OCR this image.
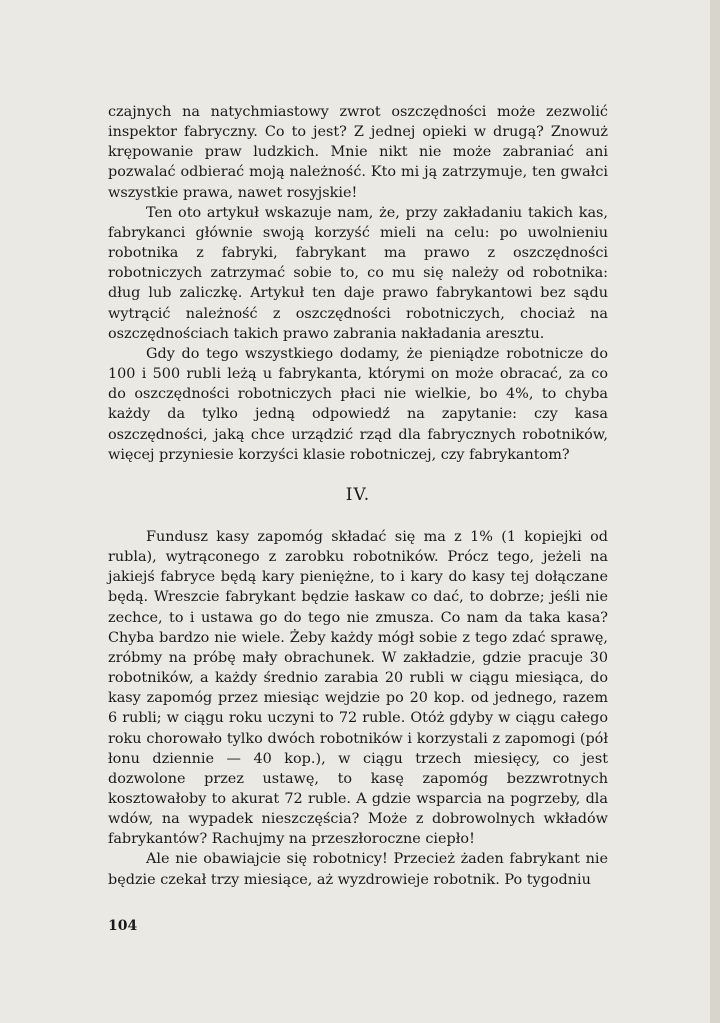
czajnych na natychmiastowy zwrot oszczędności może zezwolić inspektor fabryczny. Co to jest? Z jednej opieki w drugą? Znowuż krępowanie praw ludzkich. Mnie nikt nie może zabraniać ani pozwalać odbierać moją należność. Kto mi ją zatrzymuje, ten gwałci wszystkie prawa, nawet rosyjskie!

Ten oto artykuł wskazuje nam, że, przy zakładaniu takich kas, fabrykanci głównie swoją korzyść mieli na celu: po uwolnieniu robotnika z fabryki, fabrykant ma prawo z oszczędności robotniczych zatrzymać sobie to, co mu się należy od robotnika: dług lub zaliczkę. Artykuł ten daje prawo fabrykantowi bez sądu wytrącić należność z oszczędności robotniczych, chociaż na oszczędnościach takich prawo zabrania nakładania aresztu.

Gdy do tego wszystkiego dodamy, że pieniądze robotnicze do 100 i 500 rubli leżą u fabrykanta, którymi on może obracać, za co do oszczędności robotniczych płaci nie wielkie, bo 4%, to chyba każdy da tylko jedną odpowiedź na zapytanie: czy kasa oszczędności, jaką chce urządzić rząd dla fabrycznych robotników, więcej przyniesie korzyści klasie robotniczej, czy fabrykantom?

IV.

Fundusz kasy zapomóg składać się ma z 1% (1 kopiejki od rubla), wytrąconego z zarobku robotników. Prócz tego, jeżeli na jakiejś fabryce będą kary pieniężne, to i kary do kasy tej dołączane będą. Wreszcie fabrykant będzie łaskaw co dać, to dobrze; jeśli nie zechce, to i ustawa go do tego nie zmusza. Co nam da taka kasa? Chyba bardzo nie wiele. Żeby każdy mógł sobie z tego zdać sprawę, zróbmy na próbę mały obrachunek. W zakładzie, gdzie pracuje 30 robotników, a każdy średnio zarabia 20 rubli w ciągu miesiąca, do kasy zapomóg przez miesiąc wejdzie po 20 kop. od jednego, razem 6 rubli; w ciągu roku uczyni to 72 ruble. Otóż gdyby w ciągu całego roku chorowało tylko dwóch robotników i korzystali z zapomogi (pół łonu dziennie — 40 kop.), w ciągu trzech miesięcy, co jest dozwolone przez ustawę, to kasę zapomóg bezzwrotnych kosztowałoby to akurat 72 ruble. A gdzie wsparcia na pogrzeby, dla wdów, na wypadek nieszczęścia? Może z dobrowolnych wkładów fabrykantów? Rachujmy na przeszłoroczne ciepło!

Ale nie obawiajcie się robotnicy! Przecież żaden fabrykant nie będzie czekał trzy miesiące, aż wyzdrowieje robotnik. Po tygodniu

104
